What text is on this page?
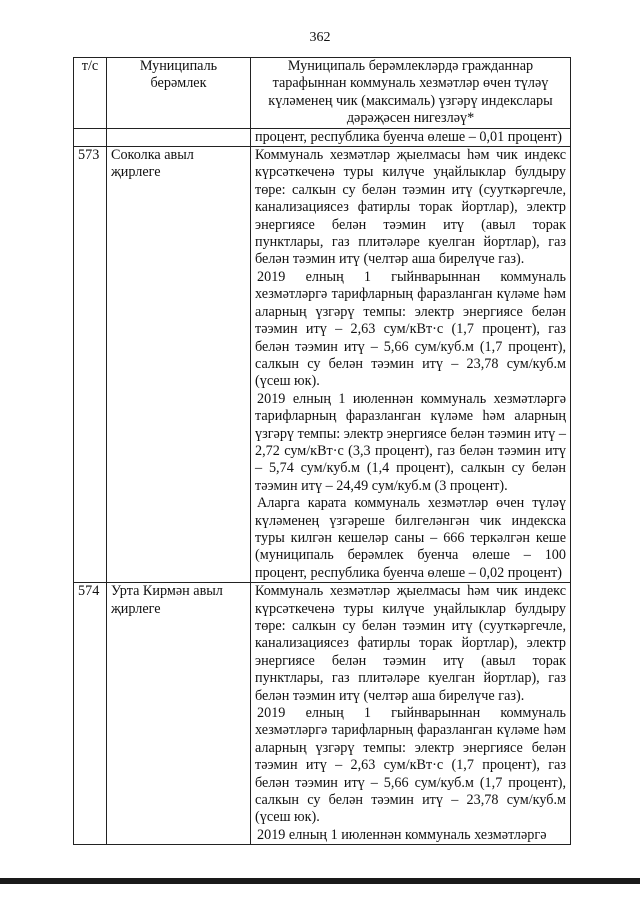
362
т/с	Муниципаль берәмлек	Муниципаль берәмлекләрдә гражданнар тарафыннан коммуналь хезмәтләр өчен түләү күләменең чик (максималь) үзгәрү индекслары дәрәҗәсен нигезләү*

		процент, республика буенча өлеше – 0,01 процент)

573	Соколка авыл җирлеге	Коммуналь хезмәтләр җыелмасы һәм чик индекс күрсәткеченә туры килүче уңайлыклар булдыру төре: салкын су белән тәэмин итү (сууткәргечле, канализациясез фатирлы торак йортлар), электр энергиясе белән тәэмин итү (авыл торак пунктлары, газ плитәләре куелган йортлар), газ белән тәэмин итү (челтәр аша бирелүче газ).

2019 елның 1 гыйнварыннан коммуналь хезмәтләргә тарифларның фаразланган күләме һәм аларның үзгәрү темпы: электр энергиясе белән тәэмин итү – 2,63 сум/кВт·с (1,7 процент), газ белән тәэмин итү – 5,66 сум/куб.м (1,7 процент), салкын су белән тәэмин итү – 23,78 сум/куб.м (үсеш юк).

2019 елның 1 июленнән коммуналь хезмәтләргә тарифларның фаразланган күләме һәм аларның үзгәрү темпы: электр энергиясе белән тәэмин итү – 2,72 сум/кВт·с (3,3 процент), газ белән тәэмин итү – 5,74 сум/куб.м (1,4 процент), салкын су белән тәэмин итү – 24,49 сум/куб.м (3 процент).

Аларга карата коммуналь хезмәтләр өчен түләү күләменең үзгәреше билгеләнгән чик индекска туры килгән кешеләр саны – 666 теркәлгән кеше (муниципаль берәмлек буенча өлеше – 100 процент, республика буенча өлеше – 0,02 процент)

574	Урта Кирмән авыл җирлеге	Коммуналь хезмәтләр җыелмасы һәм чик индекс күрсәткеченә туры килүче уңайлыклар булдыру төре: салкын су белән тәэмин итү (сууткәргечле, канализациясез фатирлы торак йортлар), электр энергиясе белән тәэмин итү (авыл торак пунктлары, газ плитәләре куелган йортлар), газ белән тәэмин итү (челтәр аша бирелүче газ).

2019 елның 1 гыйнварыннан коммуналь хезмәтләргә тарифларның фаразланган күләме һәм аларның үзгәрү темпы: электр энергиясе белән тәэмин итү – 2,63 сум/кВт·с (1,7 процент), газ белән тәэмин итү – 5,66 сум/куб.м (1,7 процент), салкын су белән тәэмин итү – 23,78 сум/куб.м (үсеш юк).

2019 елның 1 июленнән коммуналь хезмәтләргә
